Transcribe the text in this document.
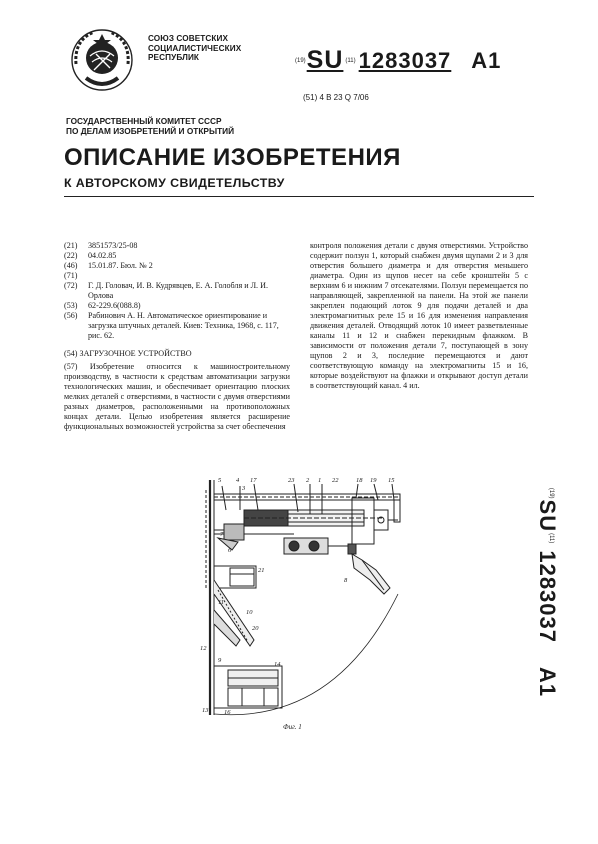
СОЮЗ СОВЕТСКИХ
СОЦИАЛИСТИЧЕСКИХ
РЕСПУБЛИК	$^{(19)}$SU $^{(11)}$ 1283037 A1
(51) 4 B 23 Q 7/06
ГОСУДАРСТВЕННЫЙ КОМИТЕТ СССР
ПО ДЕЛАМ ИЗОБРЕТЕНИЙ И ОТКРЫТИЙ
ОПИСАНИЕ ИЗОБРЕТЕНИЯ
К АВТОРСКОМУ СВИДЕТЕЛЬСТВУ
(21)	3851573/25-08
(22)	04.02.85
(46)	15.01.87. Бюл. № 2
(71)
(72)	Г. Д. Головач, И. В. Кудрявцев, Е. А. Голобля и Л. И. Орлова
(53)	62-229.6(088.8)
(56)	Рабинович А. Н. Автоматическое ориентирование и загрузка штучных деталей. Киев: Техника, 1968, с. 117, рис. 62.
(54) ЗАГРУЗОЧНОЕ УСТРОЙСТВО
(57) Изобретение относится к машиностроительному производству, в частности к средствам автоматизации загрузки технологических машин, и обеспечивает ориентацию плоских мелких деталей с отверстиями, в частности с двумя отверстиями разных диаметров, расположенными на противоположных концах детали. Целью изобретения является расширение функциональных возможностей устройства за счет обеспечения
контроля положения детали с двумя отверстиями. Устройство содержит ползун 1, который снабжен двумя щупами 2 и 3 для отверстия большего диаметра и для отверстия меньшего диаметра. Один из щупов несет на себе кронштейн 5 с верхним 6 и нижним 7 отсекателями. Ползун перемещается по направляющей, закрепленной на панели. На этой же панели закреплен подающий лоток 9 для подачи деталей и два электромагнитных реле 15 и 16 для изменения направления движения деталей. Отводящий лоток 10 имеет разветвленные каналы 11 и 12 и снабжен перекидным флажком. В зависимости от положения детали 7, поступающей в зону щупов 2 и 3, последние перемещаются и дают соответствующую команду на электромагниты 15 и 16, которые воздействуют на флажки и открывают доступ детали в соответствующий канал. 4 ил.
$^{(19)}$SU$^{(11)}$1283037A1
5 4
3
17	23 2 1 22	18 19 15
7
6
11
10
20
21
8
12
9
14
13 16
Фиг. 1
